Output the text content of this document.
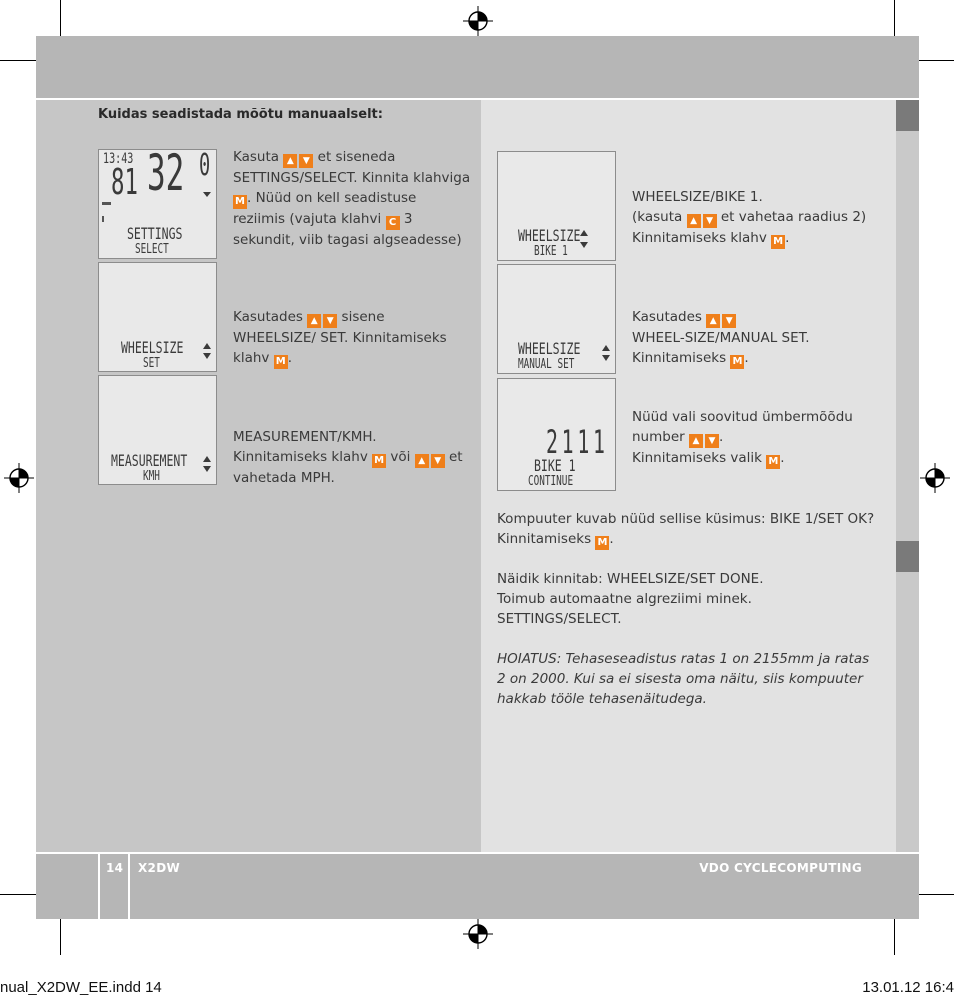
Kuidas seadistada mõõtu manuaalselt:
13:43 32 0
81
SETTINGS
SELECT
Kasuta ▲ ▼	et siseneda SETTINGS/SELECT. Kinnita klahviga M . Nüüd on kell seadistuse reziimis (vajuta klahvi C 3 sekundit, viib tagasi algseadesse)
WHEELSIZE
SET
Kasutades ▲ ▼	sisene WHEELSIZE/ SET. Kinnitamiseks klahv M .
MEASUREMENT
KMH
MEASUREMENT/KMH. Kinnitamiseks klahv M või ▲▼	et vahetada MPH.
WHEELSIZE
BIKE 1
WHEELSIZE/BIKE 1.
(kasuta ▲ ▼	et vahetaa raadius 2) Kinnitamiseks klahv M .
WHEELSIZE
MANUAL SET
Kasutades ▲▼
WHEEL-SIZE/MANUAL SET. Kinnitamiseks M .
2111
BIKE 1
CONTINUE
Nüüd vali soovitud ümbermõõdu number ▲ ▼	.
Kinnitamiseks valik M .
Kompuuter kuvab nüüd sellise küsimus: BIKE 1/SET OK? Kinnitamiseks M .
Näidik kinnitab: WHEELSIZE/SET DONE.
Toimub automaatne algreziimi minek.
SETTINGS/SELECT.
HOIATUS: Tehaseseadistus ratas 1 on 2155mm ja ratas 2 on 2000. Kui sa ei sisesta oma näitu, siis kompuuter hakkab tööle tehasenäitudega.
14 X2DW	VDO CYCLECOMPUTING
nual_X2DW_EE.indd 14	13.01.12 16:4
